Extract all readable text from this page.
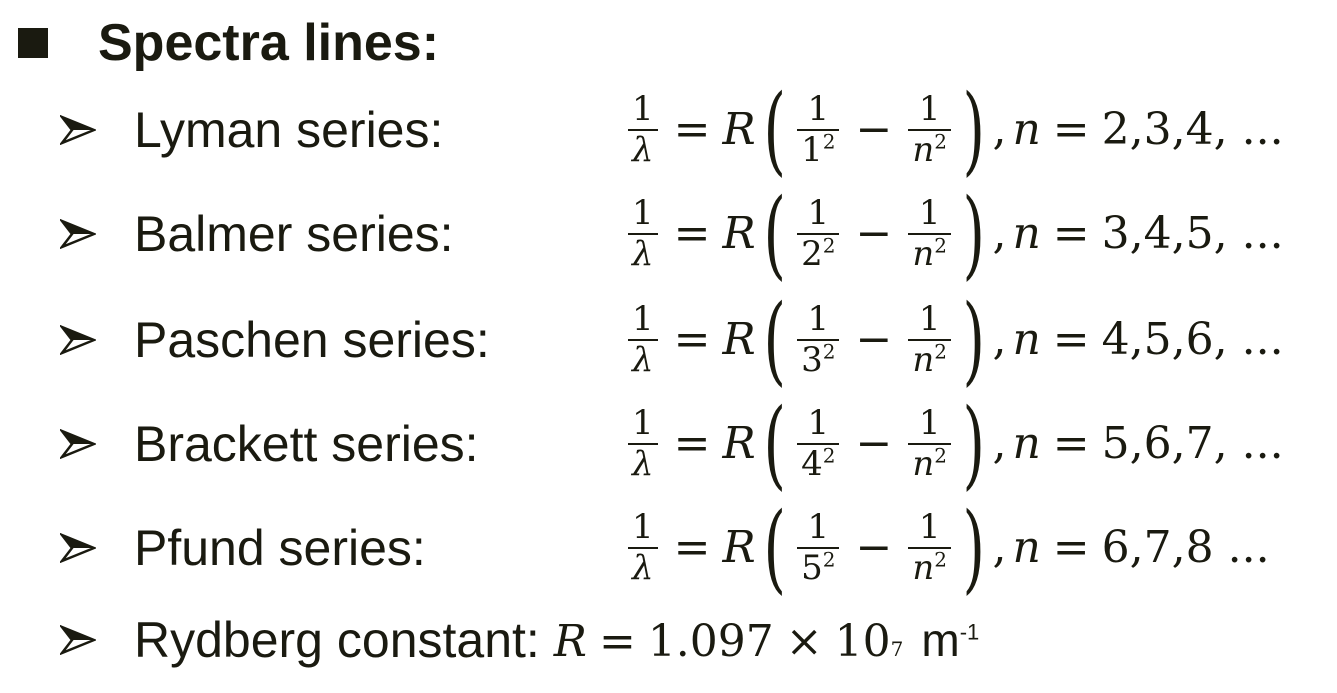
Spectra lines:
Lyman series:	$\frac{1}{\lambda} = R$ ( $\frac{1}{1^2} - \frac{1}{n^2}$ ) , n = 2,3,4, ...
Balmer series:	$\frac{1}{\lambda} = R$ ( $\frac{1}{2^2} - \frac{1}{n^2}$ ) , n = 3,4,5, ...
Paschen series:	$\frac{1}{\lambda} = R$ ( $\frac{1}{3^2} - \frac{1}{n^2}$ ) , n = 4,5,6, ...
Brackett series:	$\frac{1}{\lambda} = R$ ( $\frac{1}{4^2} - \frac{1}{n^2}$ ) , n = 5,6,7, ...
Pfund series:	$\frac{1}{\lambda} = R$ ( $\frac{1}{5^2} - \frac{1}{n^2}$ ) , n = 6,7,8 ...
Rydberg constant: R = 1.097 × 10 7 $m^{-1}$
